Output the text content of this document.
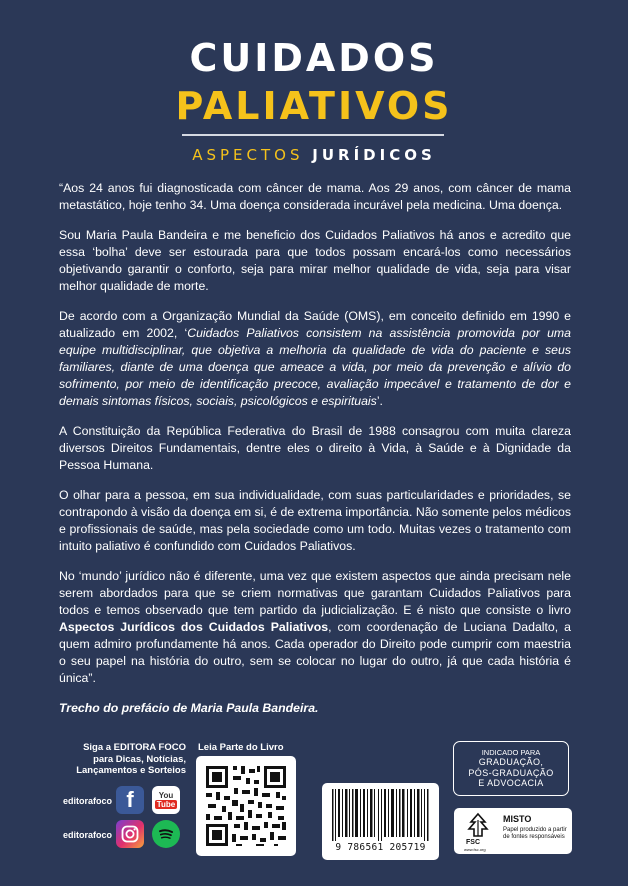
CUIDADOS
PALIATIVOS
ASPECTOS JURÍDICOS

“Aos 24 anos fui diagnosticada com câncer de mama. Aos 29 anos, com câncer de mama metastático, hoje tenho 34. Uma doença considerada incurável pela medicina. Uma doença.

Sou Maria Paula Bandeira e me beneficio dos Cuidados Paliativos há anos e acredito que essa ‘bolha’ deve ser estourada para que todos possam encará-los como necessários objetivando garantir o conforto, seja para mirar melhor qualidade de vida, seja para visar melhor qualidade de morte.

De acordo com a Organização Mundial da Saúde (OMS), em conceito definido em 1990 e atualizado em 2002, ‘Cuidados Paliativos consistem na assistência promovida por uma equipe multidisciplinar, que objetiva a melhoria da qualidade de vida do paciente e seus familiares, diante de uma doença que ameace a vida, por meio da prevenção e alívio do sofrimento, por meio de identificação precoce, avaliação impecável e tratamento de dor e demais sintomas físicos, sociais, psicológicos e espirituais’.

A Constituição da República Federativa do Brasil de 1988 consagrou com muita clareza diversos Direitos Fundamentais, dentre eles o direito à Vida, à Saúde e à Dignidade da Pessoa Humana.

O olhar para a pessoa, em sua individualidade, com suas particularidades e prioridades, se contrapondo à visão da doença em si, é de extrema importância. Não somente pelos médicos e profissionais de saúde, mas pela sociedade como um todo. Muitas vezes o tratamento com intuito paliativo é confundido com Cuidados Paliativos.

No ‘mundo’ jurídico não é diferente, uma vez que existem aspectos que ainda precisam nele serem abordados para que se criem normativas que garantam Cuidados Paliativos para todos e temos observado que tem partido da judicialização. E é nisto que consiste o livro Aspectos Jurídicos dos Cuidados Paliativos, com coordenação de Luciana Dadalto, a quem admiro profundamente há anos. Cada operador do Direito pode cumprir com maestria o seu papel na história do outro, sem se colocar no lugar do outro, já que cada história é única”.

Trecho do prefácio de Maria Paula Bandeira.

Siga a EDITORA FOCO
para Dicas, Notícias,
Lançamentos e Sorteios
editorafoco f	You
Tube
editorafoco
Leia Parte do Livro
9 786561 205719
INDICADO PARA
GRADUAÇÃO,
PÓS-GRADUAÇÃO
E ADVOCACIA
FSC
www.fsc.org
MISTO
Papel produzido a partir de fontes responsáveis
